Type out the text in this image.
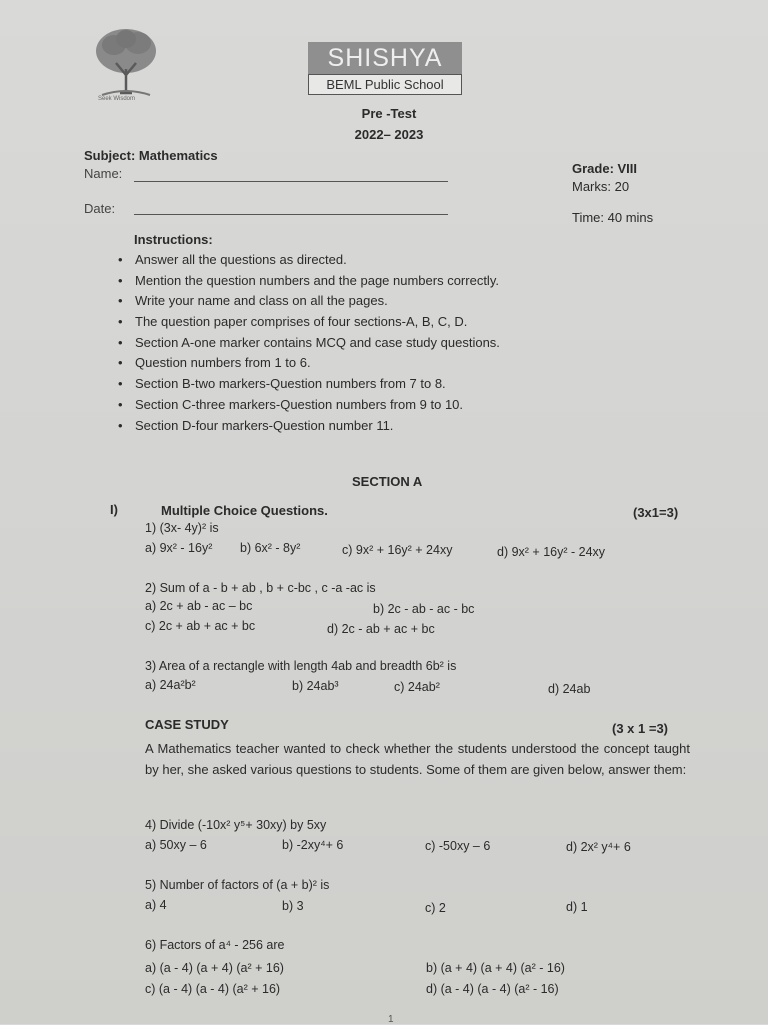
Seek Wisdom
SHISHYA
BEML Public School
Pre -Test
2022– 2023
Subject: Mathematics
Name:
Date:
Grade: VIII
Marks: 20
Time: 40 mins
Instructions:
• Answer all the questions as directed.
• Mention the question numbers and the page numbers correctly.
• Write your name and class on all the pages.
• The question paper comprises of four sections-A, B, C, D.
• Section A-one marker contains MCQ and case study questions.
• Question numbers from 1 to 6.
• Section B-two markers-Question numbers from 7 to 8.
• Section C-three markers-Question numbers from 9 to 10.
• Section D-four markers-Question number 11.
SECTION A
I)	Multiple Choice Questions.	(3x1=3)
1) (3x- 4y)² is
a) 9x² - 16y² b) 6x² - 8y²	c) 9x² + 16y² + 24xy	d) 9x² + 16y² - 24xy
2) Sum of a - b + ab , b + c-bc , c -a -ac is
a) 2c + ab - ac – bc	b) 2c - ab - ac - bc
c) 2c + ab + ac + bc	d) 2c - ab + ac + bc
3) Area of a rectangle with length 4ab and breadth 6b² is
a) 24a²b²	b) 24ab³	c) 24ab²	d) 24ab
CASE STUDY	(3 x 1 =3)
A Mathematics teacher wanted to check whether the students understood the concept taught by her, she asked various questions to students. Some of them are given below, answer them:
4) Divide (-10x² y⁵+ 30xy) by 5xy
a) 50xy – 6	b) -2xy⁴+ 6	c) -50xy – 6	d) 2x² y⁴+ 6
5) Number of factors of (a + b)² is
a) 4	b) 3	c) 2	d) 1
6) Factors of a⁴ - 256 are
a) (a - 4) (a + 4) (a² + 16)	b) (a + 4) (a + 4) (a² - 16)
c) (a - 4) (a - 4) (a² + 16)	d) (a - 4) (a - 4) (a² - 16)
1
